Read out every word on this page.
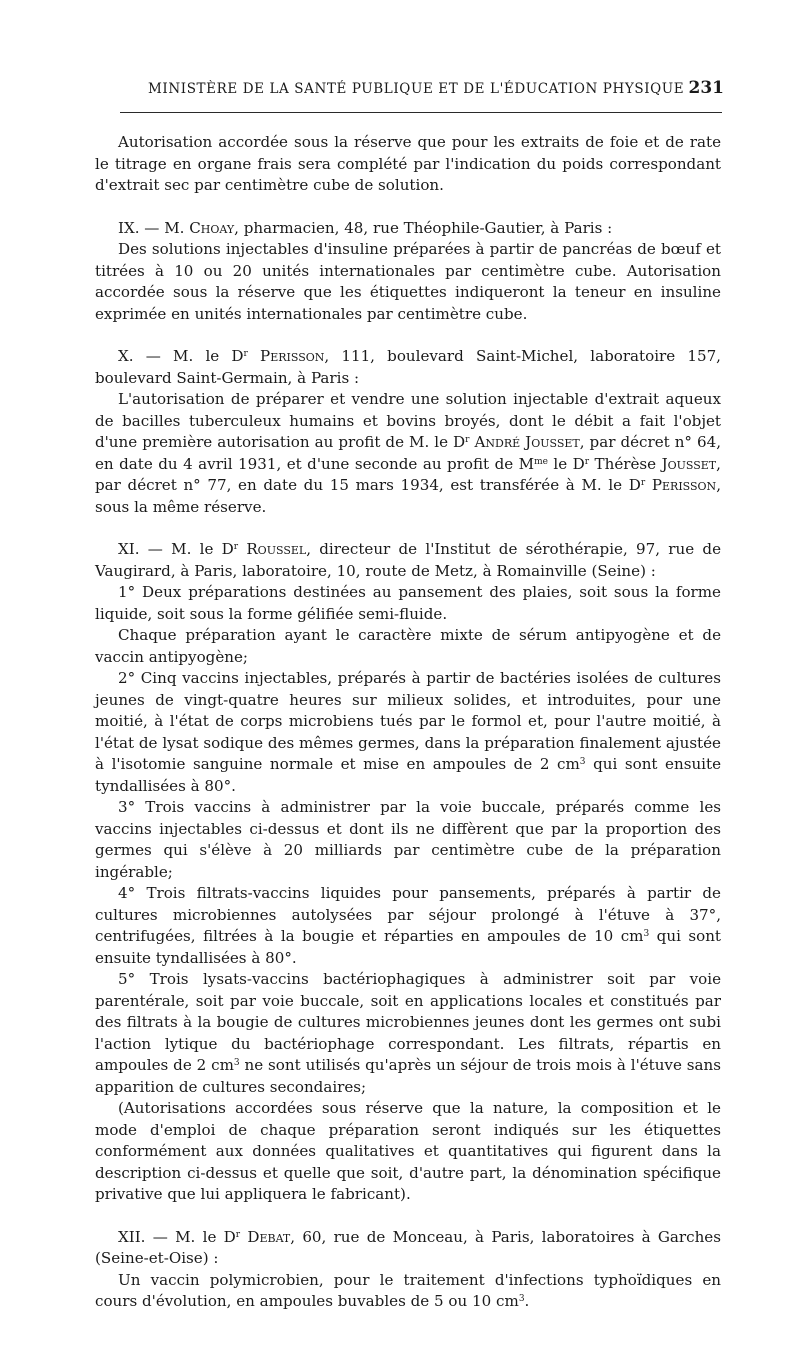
MINISTÈRE DE LA SANTÉ PUBLIQUE ET DE L'ÉDUCATION PHYSIQUE 231

Autorisation accordée sous la réserve que pour les extraits de foie et de rate le titrage en organe frais sera complété par l'indication du poids correspondant d'extrait sec par centimètre cube de solution.

IX. — M. Choay, pharmacien, 48, rue Théophile-Gautier, à Paris :

Des solutions injectables d'insuline préparées à partir de pancréas de bœuf et titrées à 10 ou 20 unités internationales par centimètre cube. Autorisation accordée sous la réserve que les étiquettes indiqueront la teneur en insuline exprimée en unités internationales par centimètre cube.

X. — M. le $D^r$ Perisson, 111, boulevard Saint-Michel, laboratoire 157, boulevard Saint-Germain, à Paris :

L'autorisation de préparer et vendre une solution injectable d'extrait aqueux de bacilles tuberculeux humains et bovins broyés, dont le débit a fait l'objet d'une première autorisation au profit de M. le $D^r$ André Jousset, par décret n° 64, en date du 4 avril 1931, et d'une seconde au profit de $M^{me}$ le $D^r$ Thérèse Jousset, par décret n° 77, en date du 15 mars 1934, est transférée à M. le $D^r$ Perisson, sous la même réserve.

XI. — M. le $D^r$ Roussel, directeur de l'Institut de sérothérapie, 97, rue de Vaugirard, à Paris, laboratoire, 10, route de Metz, à Romainville (Seine) :

1° Deux préparations destinées au pansement des plaies, soit sous la forme liquide, soit sous la forme gélifiée semi-fluide.

Chaque préparation ayant le caractère mixte de sérum antipyogène et de vaccin antipyogène;

2° Cinq vaccins injectables, préparés à partir de bactéries isolées de cultures jeunes de vingt-quatre heures sur milieux solides, et introduites, pour une moitié, à l'état de corps microbiens tués par le formol et, pour l'autre moitié, à l'état de lysat sodique des mêmes germes, dans la préparation finalement ajustée à l'isotomie sanguine normale et mise en ampoules de 2 $cm^3$ qui sont ensuite tyndallisées à 80°.

3° Trois vaccins à administrer par la voie buccale, préparés comme les vaccins injectables ci-dessus et dont ils ne diffèrent que par la proportion des germes qui s'élève à 20 milliards par centimètre cube de la préparation ingérable;

4° Trois filtrats-vaccins liquides pour pansements, préparés à partir de cultures microbiennes autolysées par séjour prolongé à l'étuve à 37°, centrifugées, filtrées à la bougie et réparties en ampoules de 10 $cm^3$ qui sont ensuite tyndallisées à 80°.

5° Trois lysats-vaccins bactériophagiques à administrer soit par voie parentérale, soit par voie buccale, soit en applications locales et constitués par des filtrats à la bougie de cultures microbiennes jeunes dont les germes ont subi l'action lytique du bactériophage correspondant. Les filtrats, répartis en ampoules de 2 $cm^3$ ne sont utilisés qu'après un séjour de trois mois à l'étuve sans apparition de cultures secondaires;

(Autorisations accordées sous réserve que la nature, la composition et le mode d'emploi de chaque préparation seront indiqués sur les étiquettes conformément aux données qualitatives et quantitatives qui figurent dans la description ci-dessus et quelle que soit, d'autre part, la dénomination spécifique privative que lui appliquera le fabricant).

XII. — M. le $D^r$ Debat, 60, rue de Monceau, à Paris, laboratoires à Garches (Seine-et-Oise) :

Un vaccin polymicrobien, pour le traitement d'infections typhoïdiques en cours d'évolution, en ampoules buvables de 5 ou 10 $cm^3$.
